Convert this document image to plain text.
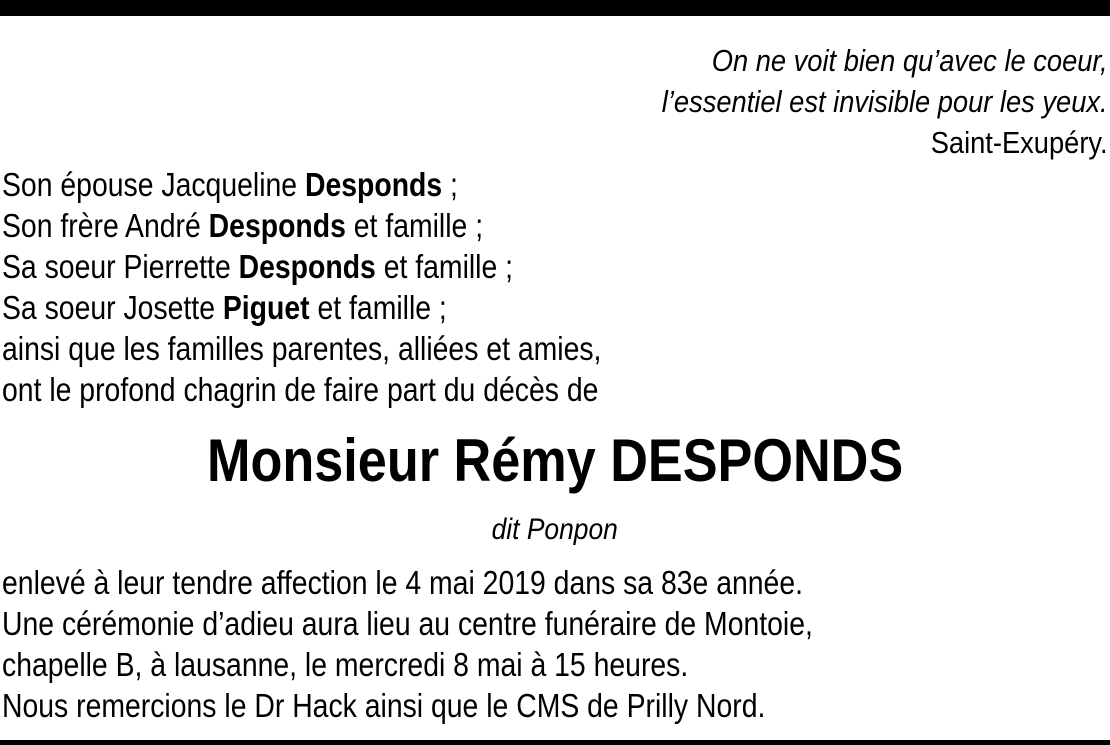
On ne voit bien qu’avec le coeur,
l’essentiel est invisible pour les yeux.
Saint-Exupéry.
Son épouse Jacqueline Desponds ;
Son frère André Desponds et famille ;
Sa soeur Pierrette Desponds et famille ;
Sa soeur Josette Piguet et famille ;
ainsi que les familles parentes, alliées et amies,
ont le profond chagrin de faire part du décès de
Monsieur Rémy DESPONDS
dit Ponpon
enlevé à leur tendre affection le 4 mai 2019 dans sa 83e année.
Une cérémonie d’adieu aura lieu au centre funéraire de Montoie,
chapelle B, à lausanne, le mercredi 8 mai à 15 heures.
Nous remercions le Dr Hack ainsi que le CMS de Prilly Nord.
